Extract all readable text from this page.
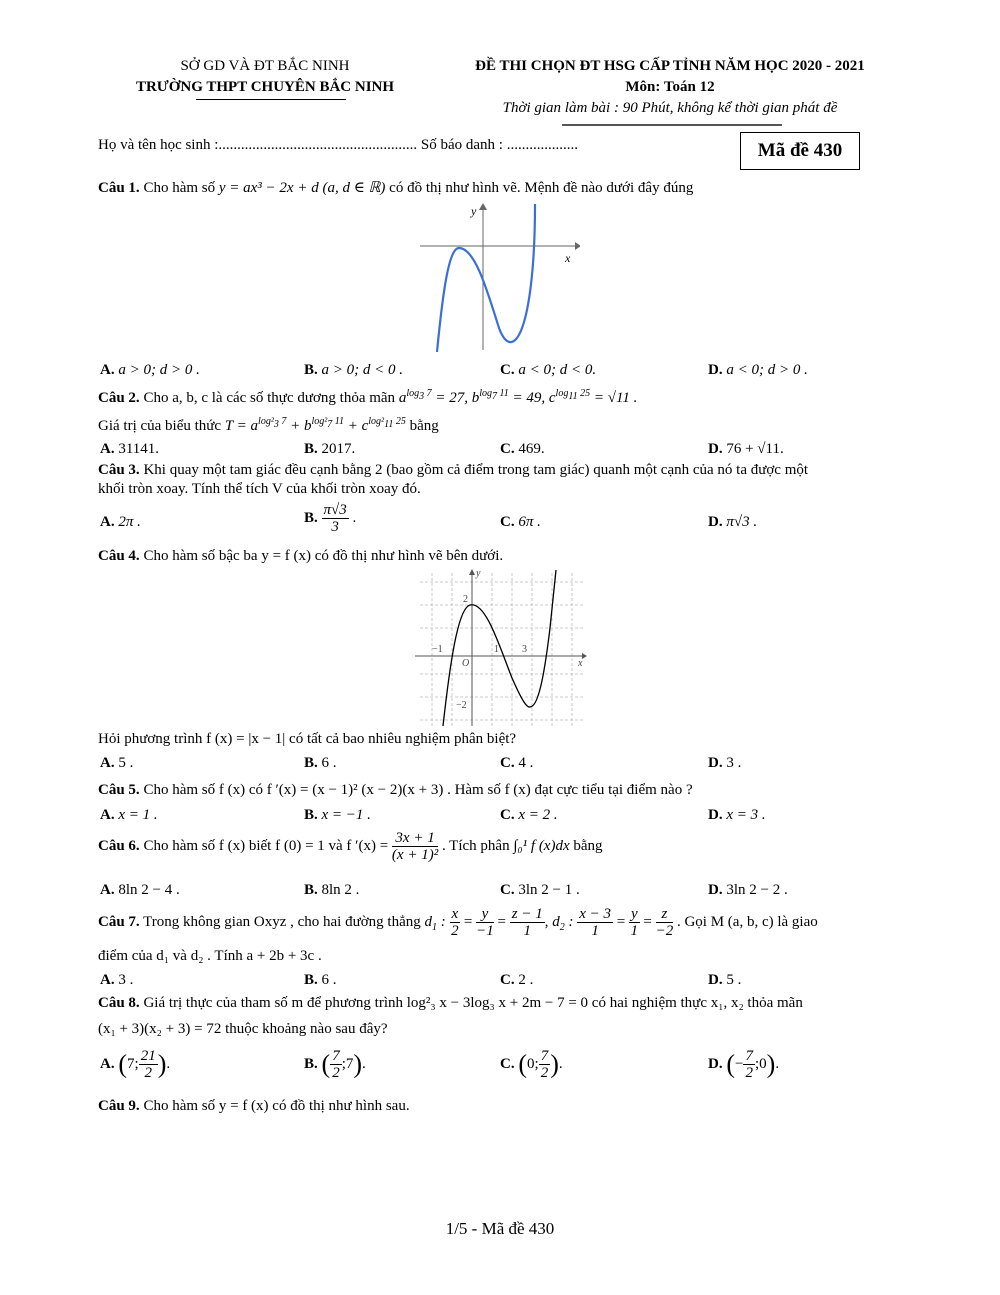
SỞ GD VÀ ĐT BẮC NINH
TRƯỜNG THPT CHUYÊN BẮC NINH
ĐỀ THI CHỌN ĐT HSG CẤP TỈNH NĂM HỌC 2020 - 2021
Môn: Toán 12
Thời gian làm bài : 90 Phút, không kể thời gian phát đề
Họ và tên học sinh :..................................................... Số báo danh : ...................	Mã đề 430
Câu 1. Cho hàm số y = ax³ − 2x + d (a, d ∈ ℝ) có đồ thị như hình vẽ. Mệnh đề nào dưới đây đúng
x
y
A. a > 0; d > 0 .	B. a > 0; d < 0 .	C. a < 0; d < 0.	D. a < 0; d > 0 .
Câu 2. Cho a, b, c là các số thực dương thỏa mãn $a^{log_3 7} = 27$, $b^{log_7 11} = 49$, $c^{log_{11} 25} = √11$ .
Giá trị của biểu thức $T = a^{log^2_3 7} + b^{log^2_7 11} + c^{log^2_{11} 25}$ bằng
A. 31141.	B. 2017.	C. 469.	D. 76 + √11.
Câu 3. Khi quay một tam giác đều cạnh bằng 2 (bao gồm cả điểm trong tam giác) quanh một cạnh của nó ta được một
khối tròn xoay. Tính thể tích V của khối tròn xoay đó.
A. 2π .	B. $\frac{\pi√3}{3}$ .	C. 6π .	D. π√3 .
Câu 4. Cho hàm số bậc ba y = f (x) có đồ thị như hình vẽ bên dưới.
x
y
O
−1	1 3
2
−2
Hỏi phương trình f (x) = |x − 1| có tất cả bao nhiêu nghiệm phân biệt?
A. 5 .	B. 6 .	C. 4 .	D. 3 .
Câu 5. Cho hàm số f (x) có f ′(x) = (x − 1)² (x − 2)(x + 3) . Hàm số f (x) đạt cực tiểu tại điểm nào ?
A. x = 1 .	B. x = −1 .	C. x = 2 .	D. x = 3 .
Câu 6. Cho hàm số f (x) biết f (0) = 1 và f $'(x) = \frac{3x + 1}{\text{(x + 1)²}}$ . Tích phân ∫₀¹ f (x)dx bằng
A. 8ln 2 − 4 .	B. 8ln 2 .	C. 3ln 2 − 1 .	D. 3ln 2 − 2 .
Câu 7. Trong không gian Oxyz , cho hai đường thẳng $d_1$ : $\frac{x}{2} = \frac{y}{-1} = \frac{z - 1}{1}$ , $d_2$ : $\frac{x - 3}{1} = \frac{y}{1} = \frac{z}{-2}$ . Gọi M (a, b, c) là giao
điểm của d₁ và d₂ . Tính a + 2b + 3c .
A. 3 .	B. 6 .	C. 2 .	D. 5 .
Câu 8. Giá trị thực của tham số m để phương trình log²₃ x − 3log₃ x + 2m − 7 = 0 có hai nghiệm thực x₁, x₂ thỏa mãn
(x₁ + 3)(x₂ + 3) = 72 thuộc khoảng nào sau đây?
A. (7; $\frac{21}{2}$ ).	B. ( $\frac{7}{2}$ ;7).	C. (0; $\frac{7}{2}$ ).	D. (− $\frac{7}{2}$ ;0).
Câu 9. Cho hàm số y = f (x) có đồ thị như hình sau.
1/5 - Mã đề 430
